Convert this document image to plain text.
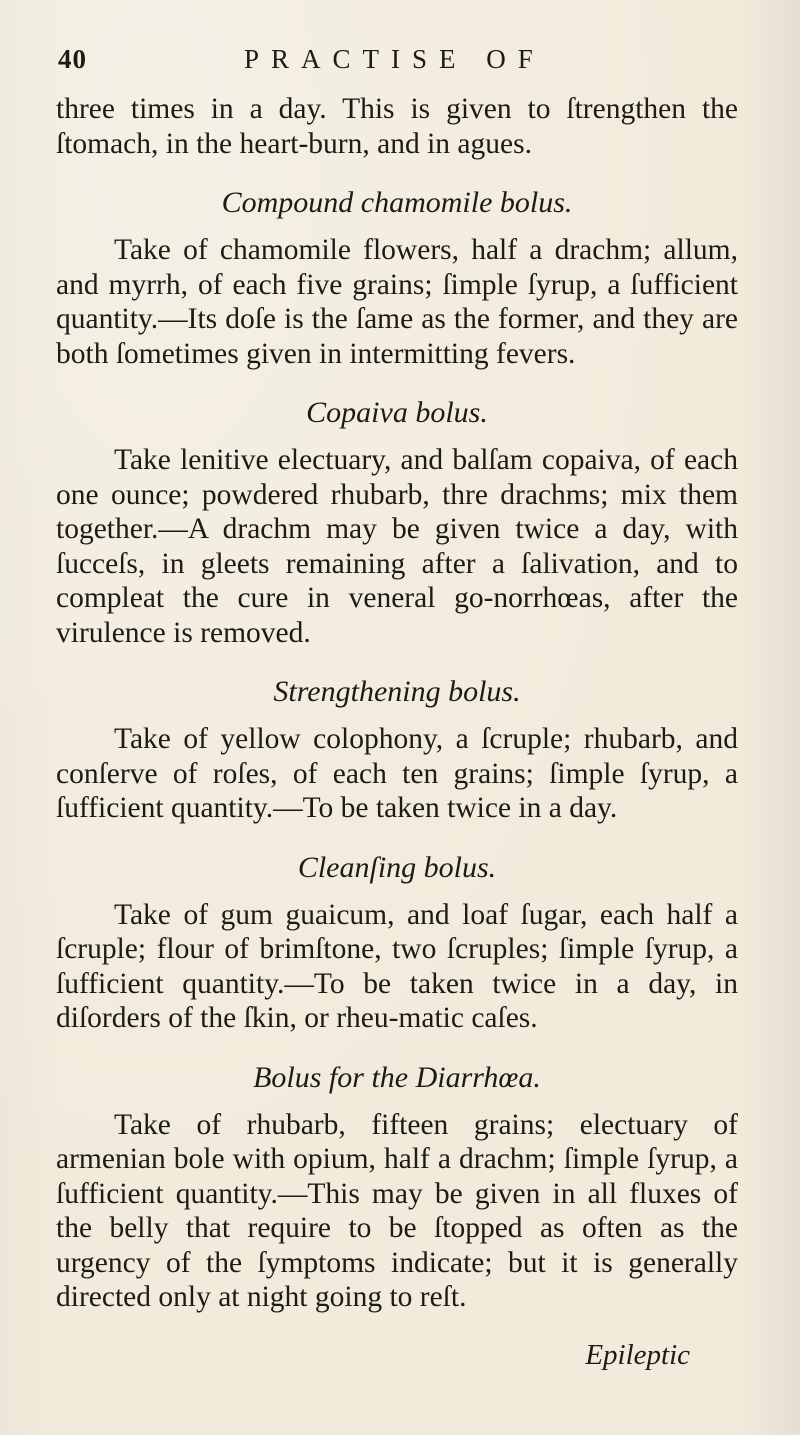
40	PRACTISE OF

three times in a day. This is given to ſtrengthen the ſtomach, in the heart-burn, and in agues.

Compound chamomile bolus.

Take of chamomile flowers, half a drachm; allum, and myrrh, of each five grains; ſimple ſyrup, a ſufficient quantity.—Its doſe is the ſame as the former, and they are both ſometimes given in intermitting fevers.

Copaiva bolus.

Take lenitive electuary, and balſam copaiva, of each one ounce; powdered rhubarb, thre drachms; mix them together.—A drachm may be given twice a day, with ſucceſs, in gleets remaining after a ſalivation, and to compleat the cure in veneral go-norrhœas, after the virulence is removed.

Strengthening bolus.

Take of yellow colophony, a ſcruple; rhubarb, and conſerve of roſes, of each ten grains; ſimple ſyrup, a ſufficient quantity.—To be taken twice in a day.

Cleanſing bolus.

Take of gum guaicum, and loaf ſugar, each half a ſcruple; flour of brimſtone, two ſcruples; ſimple ſyrup, a ſufficient quantity.—To be taken twice in a day, in diſorders of the ſkin, or rheu-matic caſes.

Bolus for the Diarrhœa.

Take of rhubarb, fifteen grains; electuary of armenian bole with opium, half a drachm; ſimple ſyrup, a ſufficient quantity.—This may be given in all fluxes of the belly that require to be ſtopped as often as the urgency of the ſymptoms indicate; but it is generally directed only at night going to reſt.

Epileptic
